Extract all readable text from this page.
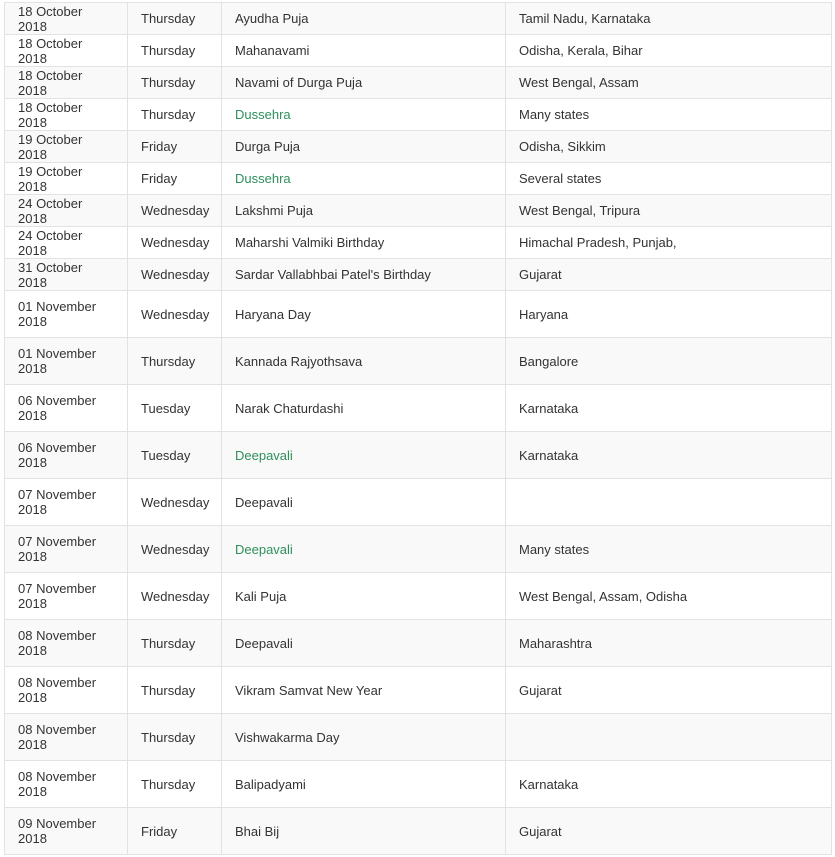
18 October 2018	Thursday	Ayudha Puja	Tamil Nadu, Karnataka
18 October 2018	Thursday	Mahanavami	Odisha, Kerala, Bihar
18 October 2018	Thursday	Navami of Durga Puja	West Bengal, Assam
18 October 2018	Thursday	Dussehra	Many states
19 October 2018	Friday	Durga Puja	Odisha, Sikkim
19 October 2018	Friday	Dussehra	Several states
24 October 2018	Wednesday	Lakshmi Puja	West Bengal, Tripura
24 October 2018	Wednesday	Maharshi Valmiki Birthday	Himachal Pradesh, Punjab,
31 October 2018	Wednesday	Sardar Vallabhbai Patel's Birthday	Gujarat
01 November 2018	Wednesday	Haryana Day	Haryana
01 November 2018	Thursday	Kannada Rajyothsava	Bangalore
06 November 2018	Tuesday	Narak Chaturdashi	Karnataka
06 November 2018	Tuesday	Deepavali	Karnataka
07 November 2018	Wednesday	Deepavali	
07 November 2018	Wednesday	Deepavali	Many states
07 November 2018	Wednesday	Kali Puja	West Bengal, Assam, Odisha
08 November 2018	Thursday	Deepavali	Maharashtra
08 November 2018	Thursday	Vikram Samvat New Year	Gujarat
08 November 2018	Thursday	Vishwakarma Day	
08 November 2018	Thursday	Balipadyami	Karnataka
09 November 2018	Friday	Bhai Bij	Gujarat
